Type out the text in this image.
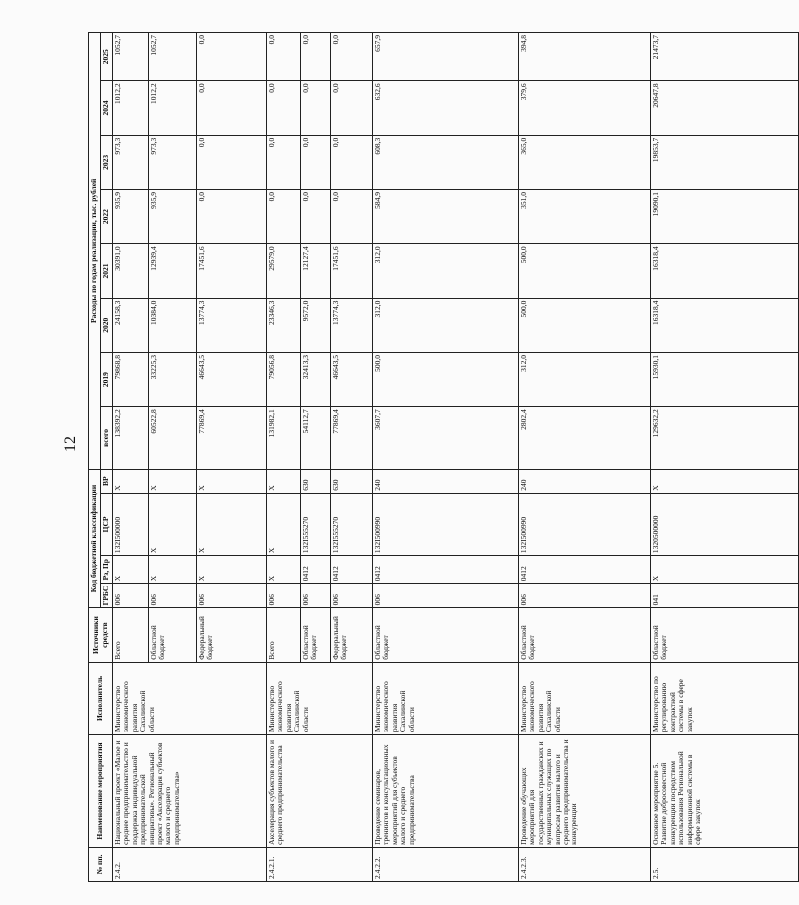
12
№ пп.	Наименование мероприятия	Исполнитель	Источники средств	Код бюджетной классификации				Расходы по годам реализации, тыс. рублей							
				ГРБС	Рз, Пр	ЦСР	ВР	всего	2019	2020	2021	2022	2023	2024	2025
2.4.2.	Национальный проект «Малое и среднее предпринимательство и поддержка индивидуальной предпринимательской инициативы». Региональный проект «Акселерация субъектов малого и среднего предпринимательства»	Министерство экономического развития Сахалинской области	Всего	006	Х	132I500000	Х	138392,2	79868,8	24158,3	30391,0	935,9	973,3	1012,2	1052,7
			Областной бюджет	006	Х	Х	Х	60522,8	33225,3	10384,0	12939,4	935,9	973,3	1012,2	1052,7
			Федеральный бюджет	006	Х	Х	Х	77869,4	46643,5	13774,3	17451,6	0,0	0,0	0,0	0,0
2.4.2.1.	Акселерация субъектов малого и среднего предпринимательства	Министерство экономического развития Сахалинской области	Всего	006	Х	Х	Х	131982,1	79056,8	23346,3	29579,0	0,0	0,0	0,0	0,0
			Областной бюджет	006	0412	132I555270	630	54112,7	32413,3	9572,0	12127,4	0,0	0,0	0,0	0,0
			Федеральный бюджет	006	0412	132I555270	630	77869,4	46643,5	13774,3	17451,6	0,0	0,0	0,0	0,0
2.4.2.2.	Проведение семинаров, тренингов и консультационных мероприятий для субъектов малого и среднего предпринимательства	Министерство экономического развития Сахалинской области	Областной бюджет	006	0412	132I500990	240	3607,7	500,0	312,0	312,0	584,9	608,3	632,6	657,9
2.4.2.3.	Проведение обучающих мероприятий для государственных гражданских и муниципальных служащих по вопросам развития малого и среднего предпринимательства и конкуренции	Министерство экономического развития Сахалинской области	Областной бюджет	006	0412	132I500990	240	2802,4	312,0	500,0	500,0	351,0	365,0	379,6	394,8
2.5.	Основное мероприятие 5. Развитие добросовестной конкуренции посредством использования Региональной информационной системы в сфере закупок	Министерство по регулированию контрактной системы в сфере закупок	Областной бюджет	041	Х	1320500000	Х	129632,2	15930,1	16318,4	16318,4	19090,1	19853,7	20647,8	21473,7
